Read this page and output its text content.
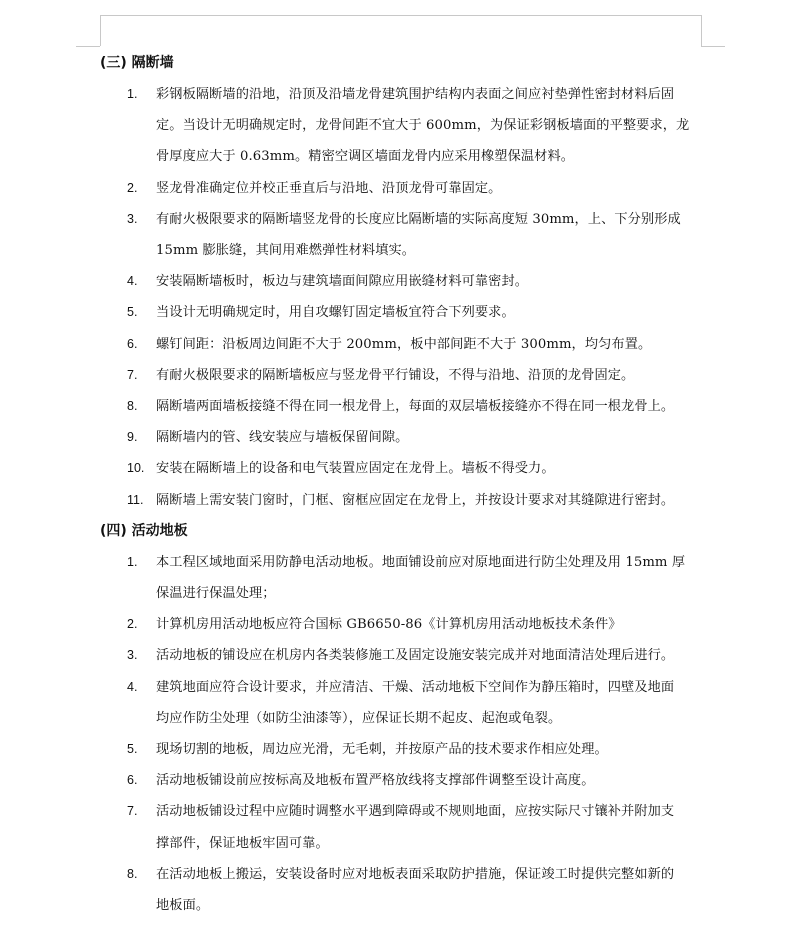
(三) 隔断墙
1. 彩钢板隔断墙的沿地，沿顶及沿墙龙骨建筑围护结构内表面之间应衬垫弹性密封材料后固
定。当设计无明确规定时，龙骨间距不宜大于 600mm，为保证彩钢板墙面的平整要求，龙
骨厚度应大于 0.63mm。精密空调区墙面龙骨内应采用橡塑保温材料。
2. 竖龙骨准确定位并校正垂直后与沿地、沿顶龙骨可靠固定。
3. 有耐火极限要求的隔断墙竖龙骨的长度应比隔断墙的实际高度短 30mm，上、下分别形成
15mm 膨胀缝，其间用难燃弹性材料填实。
4. 安装隔断墙板时，板边与建筑墙面间隙应用嵌缝材料可靠密封。
5. 当设计无明确规定时，用自攻螺钉固定墙板宜符合下列要求。
6. 螺钉间距：沿板周边间距不大于 200mm，板中部间距不大于 300mm，均匀布置。
7. 有耐火极限要求的隔断墙板应与竖龙骨平行铺设，不得与沿地、沿顶的龙骨固定。
8. 隔断墙两面墙板接缝不得在同一根龙骨上，每面的双层墙板接缝亦不得在同一根龙骨上。
9. 隔断墙内的管、线安装应与墙板保留间隙。
10. 安装在隔断墙上的设备和电气装置应固定在龙骨上。墙板不得受力。
11. 隔断墙上需安装门窗时，门框、窗框应固定在龙骨上，并按设计要求对其缝隙进行密封。
(四) 活动地板
1. 本工程区域地面采用防静电活动地板。地面铺设前应对原地面进行防尘处理及用 15mm 厚
保温进行保温处理；
2. 计算机房用活动地板应符合国标 GB6650-86《计算机房用活动地板技术条件》
3. 活动地板的铺设应在机房内各类装修施工及固定设施安装完成并对地面清洁处理后进行。
4. 建筑地面应符合设计要求，并应清洁、干燥、活动地板下空间作为静压箱时，四壁及地面
均应作防尘处理（如防尘油漆等），应保证长期不起皮、起泡或龟裂。
5. 现场切割的地板，周边应光滑，无毛刺，并按原产品的技术要求作相应处理。
6. 活动地板铺设前应按标高及地板布置严格放线将支撑部件调整至设计高度。
7. 活动地板铺设过程中应随时调整水平遇到障碍或不规则地面，应按实际尺寸镶补并附加支
撑部件，保证地板牢固可靠。
8. 在活动地板上搬运，安装设备时应对地板表面采取防护措施，保证竣工时提供完整如新的
地板面。
